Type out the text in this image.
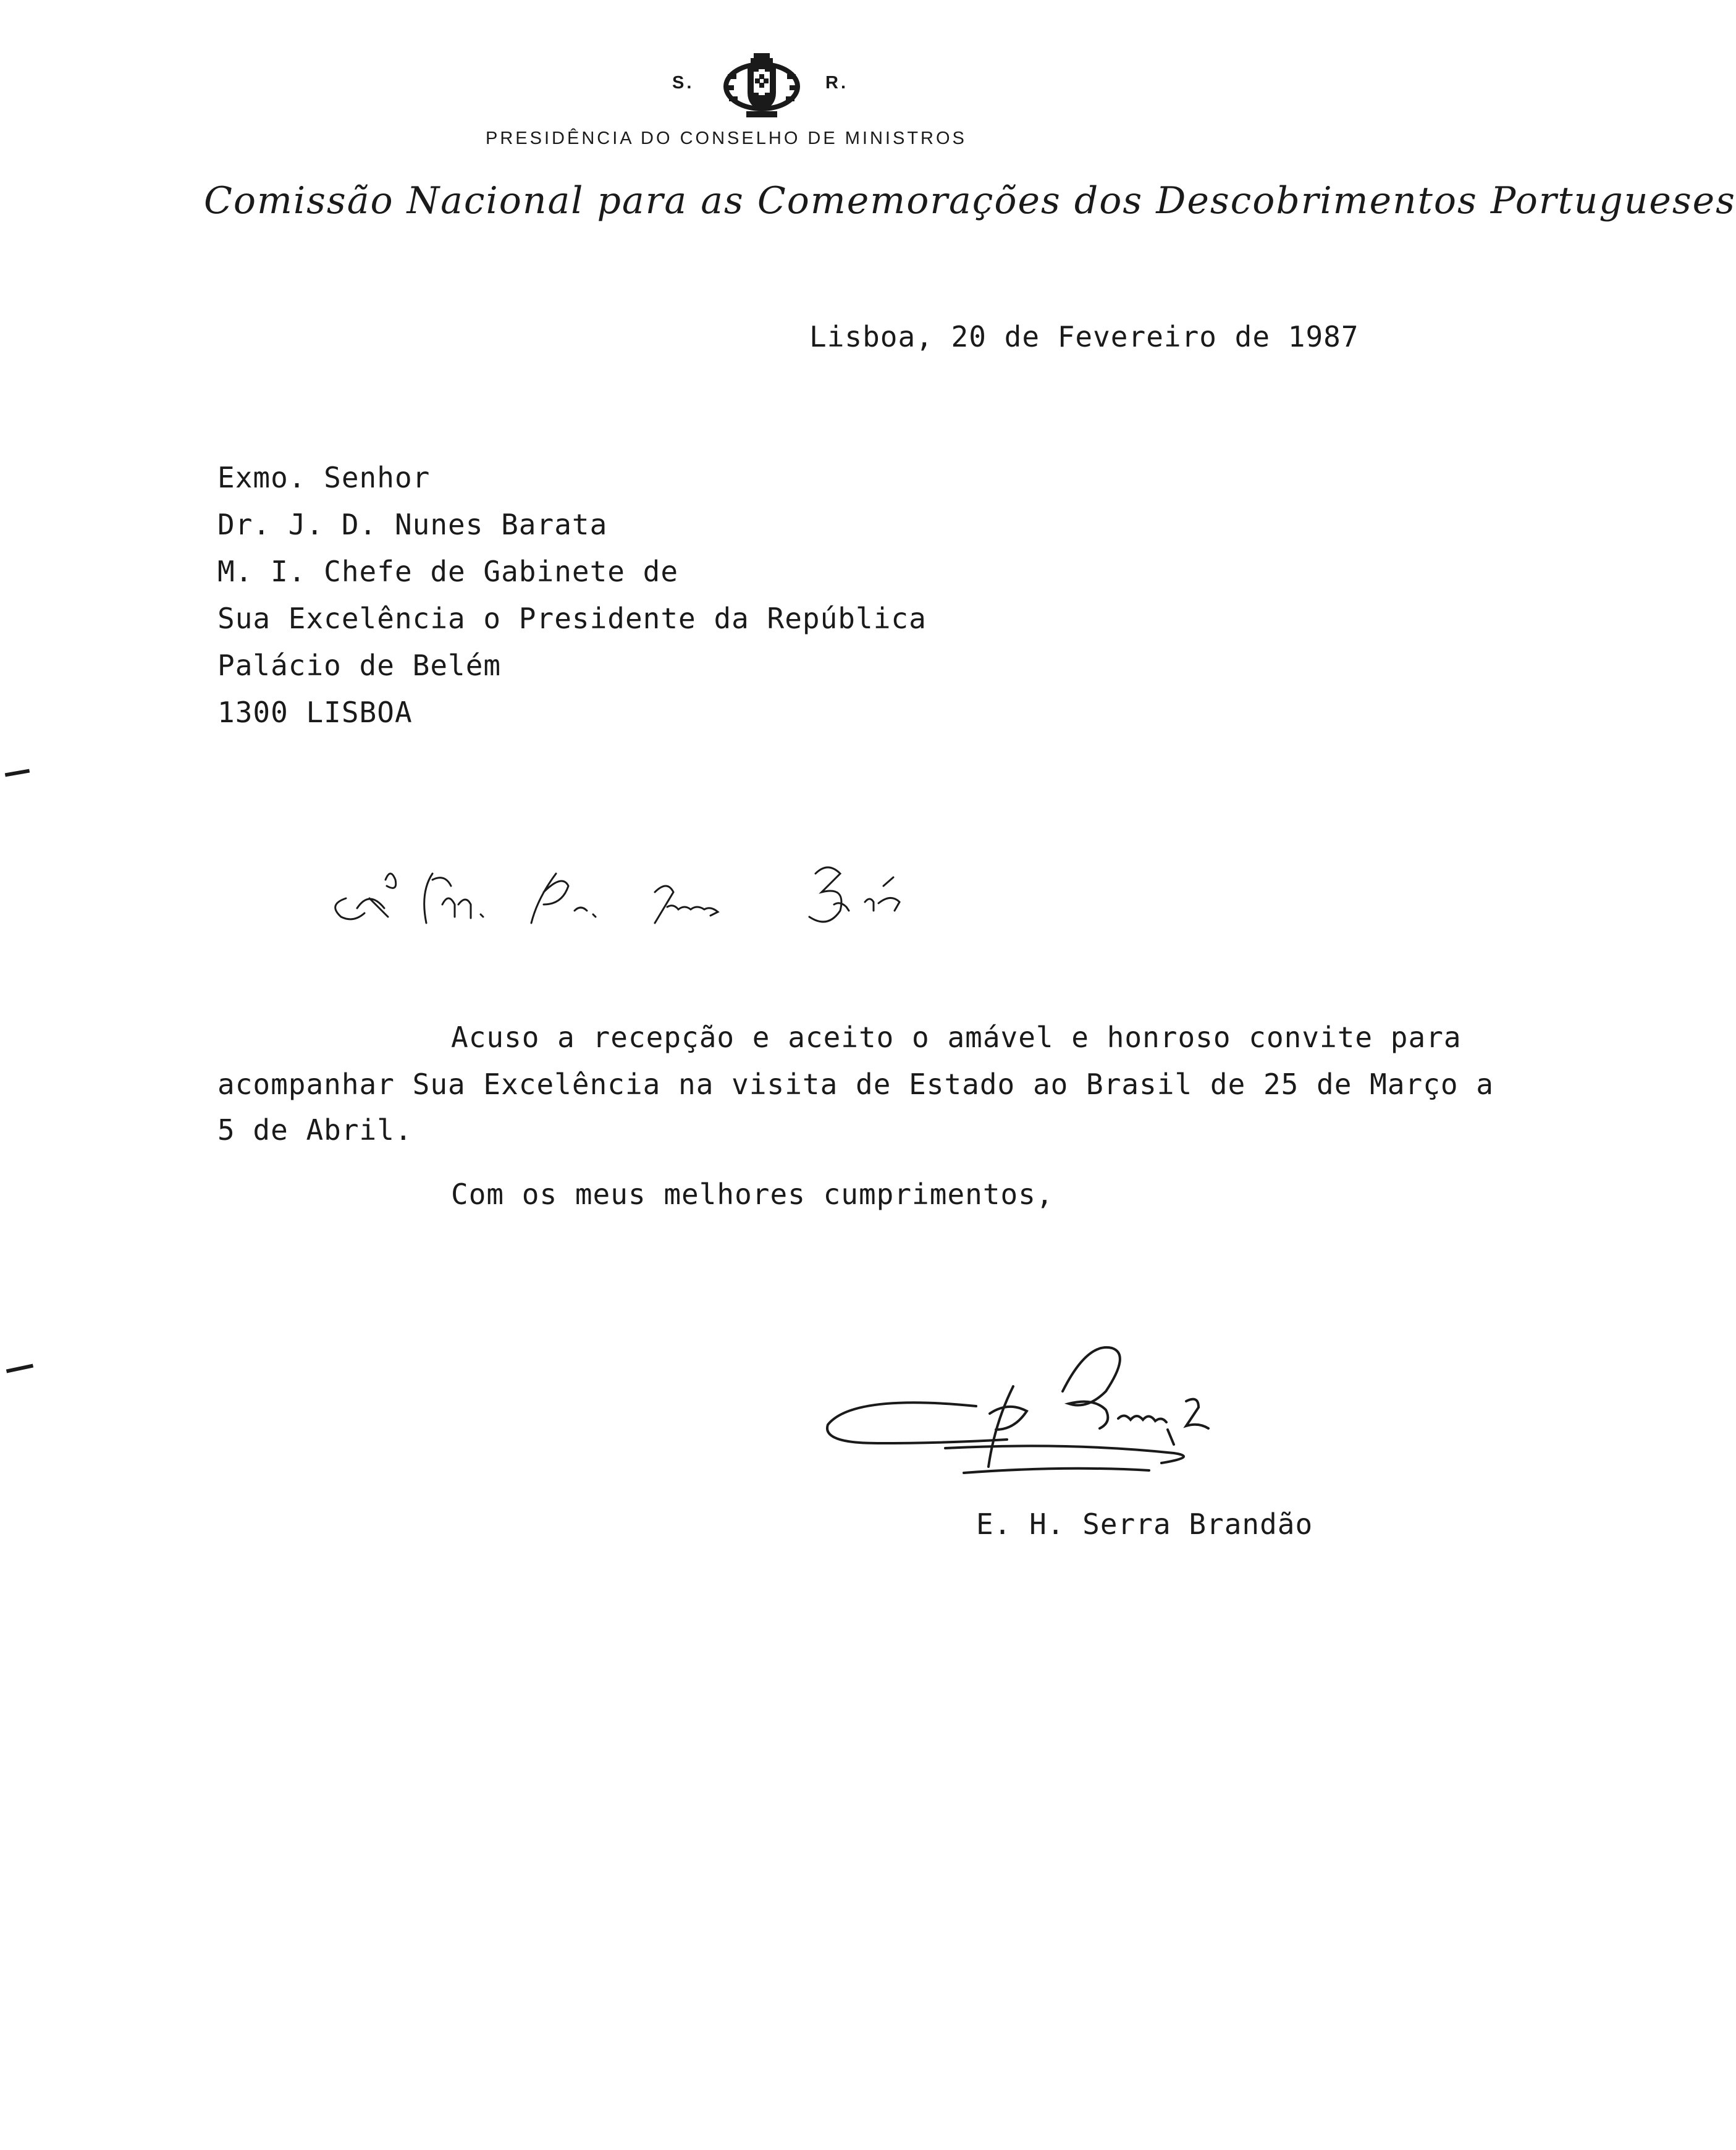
S.	R.
PRESIDÊNCIA DO CONSELHO DE MINISTROS
Comissão Nacional para as Comemorações dos Descobrimentos Portugueses
Lisboa, 20 de Fevereiro de 1987
Exmo. Senhor
Dr. J. D. Nunes Barata
M. I. Chefe de Gabinete de
Sua Excelência o Presidente da República
Palácio de Belém
1300 LISBOA
Acuso a recepção e aceito o amável e honroso convite para
acompanhar Sua Excelência na visita de Estado ao Brasil de 25 de Março a
5 de Abril.
Com os meus melhores cumprimentos,
E. H. Serra Brandão
